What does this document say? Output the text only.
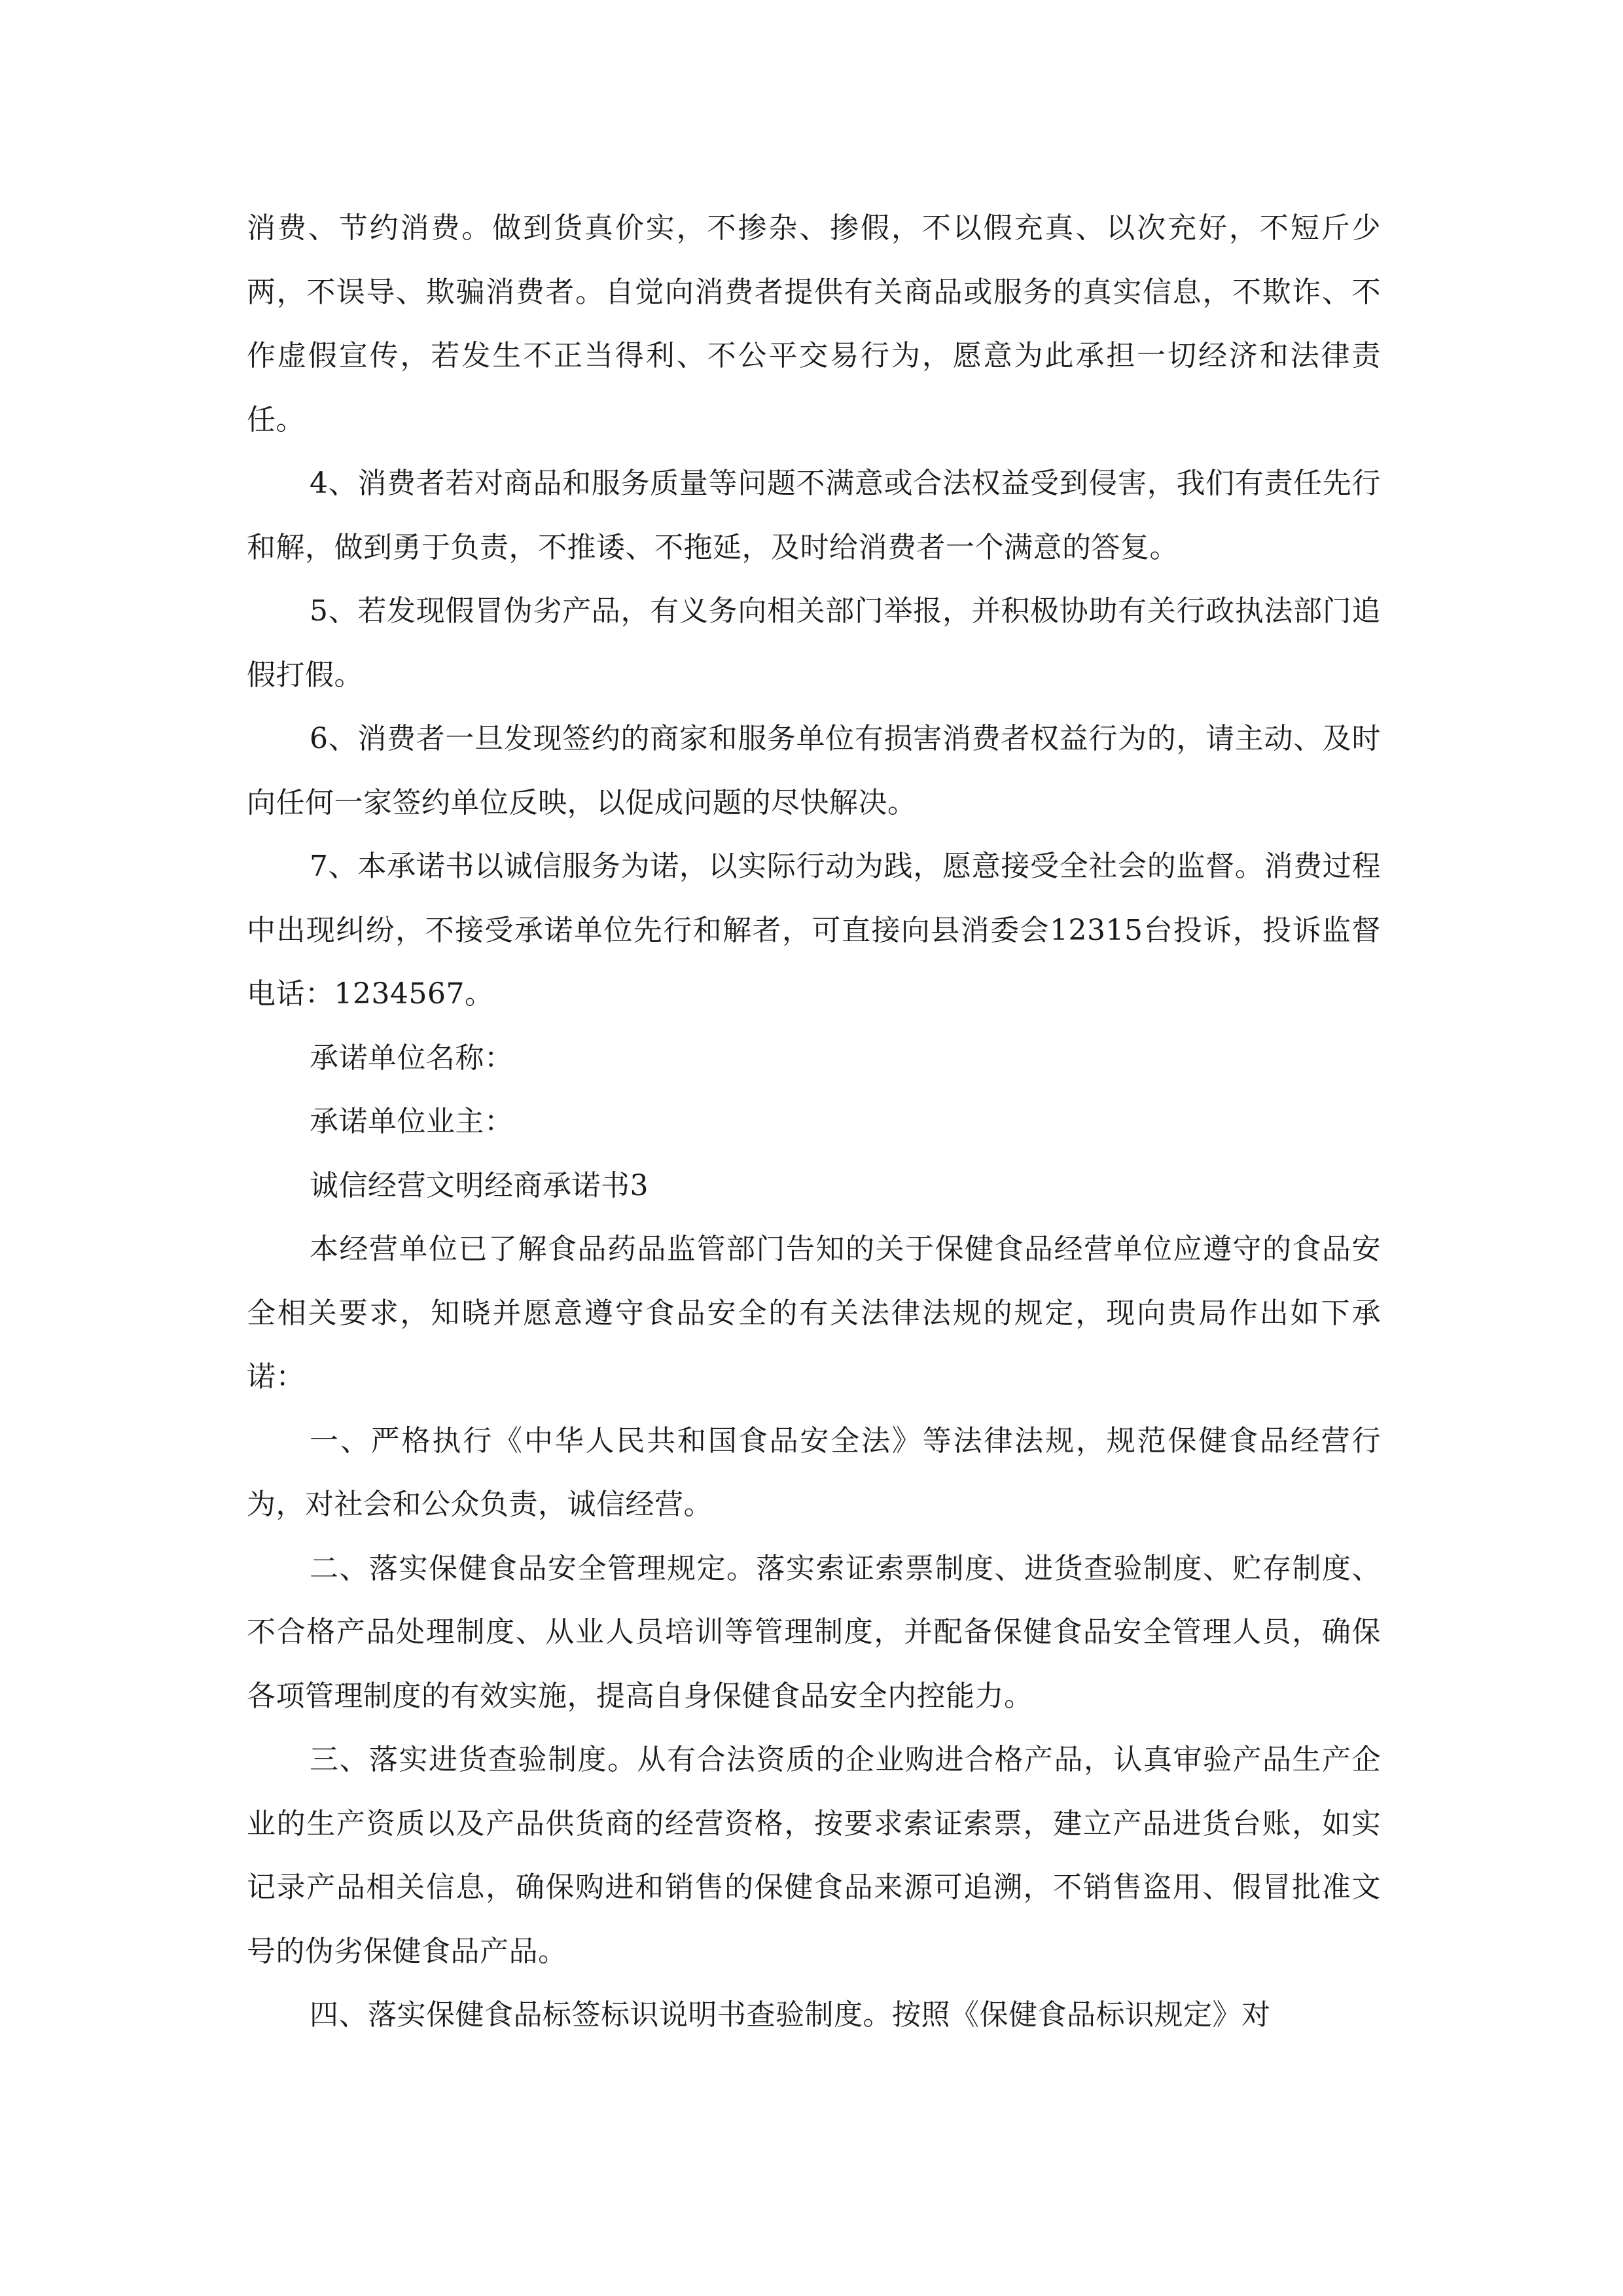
消费、节约消费。做到货真价实，不掺杂、掺假，不以假充真、以次充好，不短斤少两，不误导、欺骗消费者。自觉向消费者提供有关商品或服务的真实信息，不欺诈、不作虚假宣传，若发生不正当得利、不公平交易行为，愿意为此承担一切经济和法律责任。

4、消费者若对商品和服务质量等问题不满意或合法权益受到侵害，我们有责任先行和解，做到勇于负责，不推诿、不拖延，及时给消费者一个满意的答复。

5、若发现假冒伪劣产品，有义务向相关部门举报，并积极协助有关行政执法部门追假打假。

6、消费者一旦发现签约的商家和服务单位有损害消费者权益行为的，请主动、及时向任何一家签约单位反映，以促成问题的尽快解决。

7、本承诺书以诚信服务为诺，以实际行动为践，愿意接受全社会的监督。消费过程中出现纠纷，不接受承诺单位先行和解者，可直接向县消委会12315台投诉，投诉监督电话：1234567。

承诺单位名称：

承诺单位业主：

诚信经营文明经商承诺书3

本经营单位已了解食品药品监管部门告知的关于保健食品经营单位应遵守的食品安全相关要求，知晓并愿意遵守食品安全的有关法律法规的规定，现向贵局作出如下承诺：

一、严格执行《中华人民共和国食品安全法》等法律法规，规范保健食品经营行为，对社会和公众负责，诚信经营。

二、落实保健食品安全管理规定。落实索证索票制度、进货查验制度、贮存制度、不合格产品处理制度、从业人员培训等管理制度，并配备保健食品安全管理人员，确保各项管理制度的有效实施，提高自身保健食品安全内控能力。

三、落实进货查验制度。从有合法资质的企业购进合格产品，认真审验产品生产企业的生产资质以及产品供货商的经营资格，按要求索证索票，建立产品进货台账，如实记录产品相关信息，确保购进和销售的保健食品来源可追溯，不销售盗用、假冒批准文号的伪劣保健食品产品。

四、落实保健食品标签标识说明书查验制度。按照《保健食品标识规定》对
